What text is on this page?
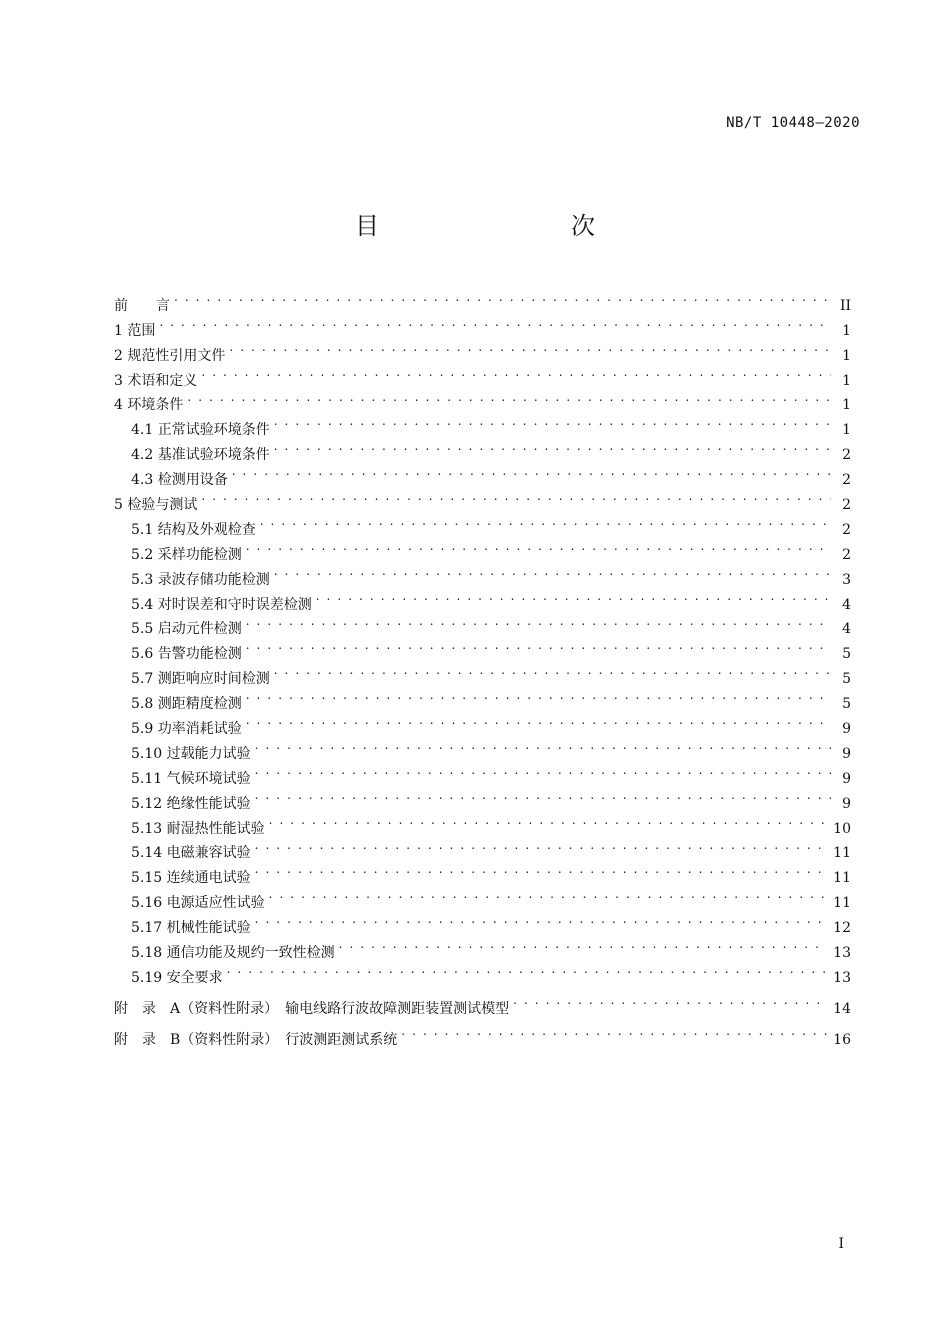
NB/T 10448—2020
目　　次
前　　言 . . .	II
1 范围 . . .	1
2 规范性引用文件 . . .	1
3 术语和定义 . . .	1
4 环境条件 . . .	1
4.1 正常试验环境条件 . . .	1
4.2 基准试验环境条件 . . .	2
4.3 检测用设备 . . .	2
5 检验与测试 . . .	2
5.1 结构及外观检查 . . .	2
5.2 采样功能检测 . . .	2
5.3 录波存储功能检测 . . .	3
5.4 对时误差和守时误差检测 . . .	4
5.5 启动元件检测 . . .	4
5.6 告警功能检测 . . .	5
5.7 测距响应时间检测 . . .	5
5.8 测距精度检测 . . .	5
5.9 功率消耗试验 . . .	9
5.10 过载能力试验 . . .	9
5.11 气候环境试验 . . .	9
5.12 绝缘性能试验 . . .	9
5.13 耐湿热性能试验 . . .	10
5.14 电磁兼容试验 . . .	11
5.15 连续通电试验 . . .	11
5.16 电源适应性试验 . . .	11
5.17 机械性能试验 . . .	12
5.18 通信功能及规约一致性检测 . . .	13
5.19 安全要求 . . .	13
附　录　A（资料性附录）　输电线路行波故障测距装置测试模型 . . .	14
附　录　B（资料性附录）　行波测距测试系统 . . .	16
I
